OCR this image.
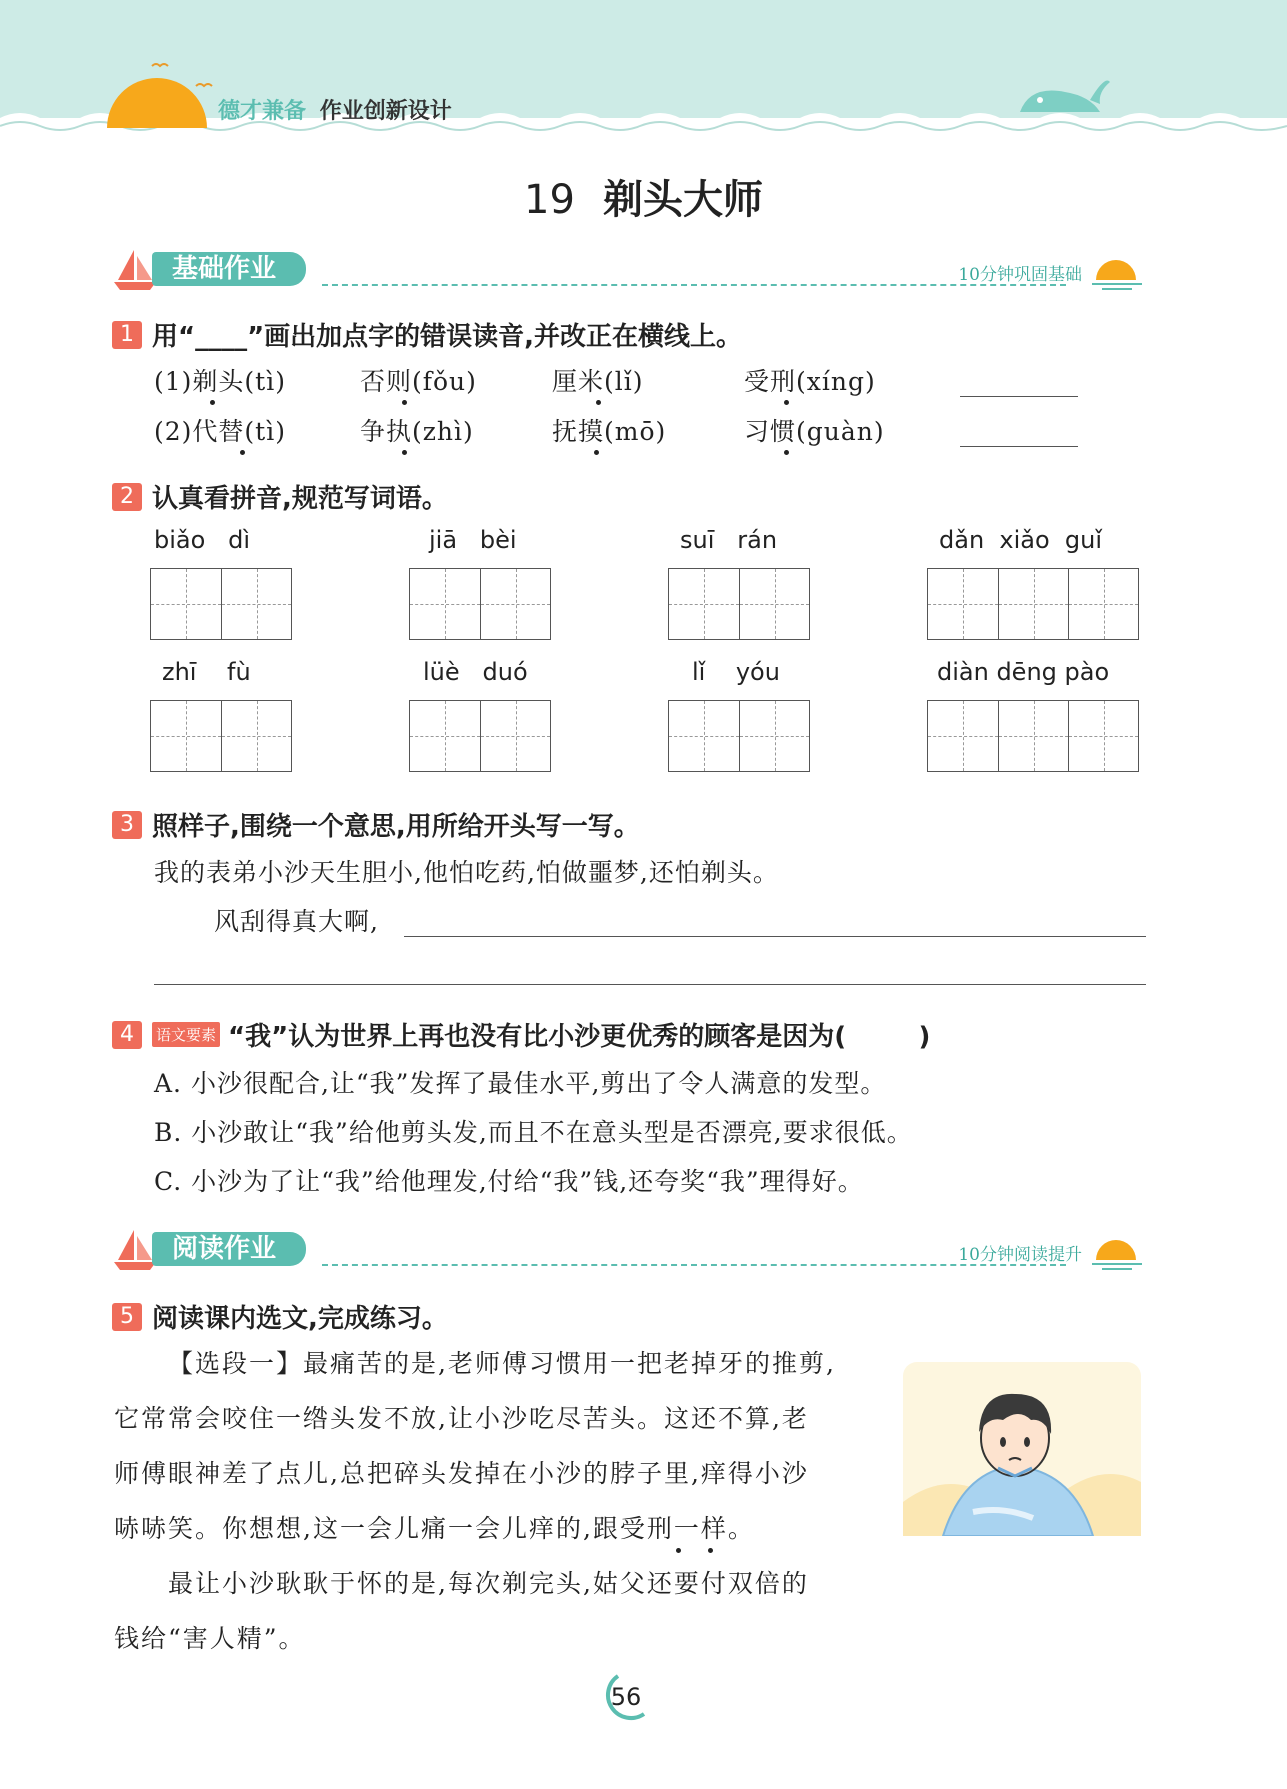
德才兼备 作业创新设计
19 剃头大师
基础作业	10分钟巩固基础
1 用“____”画出加点字的错误读音,并改正在横线上。
(1)剃头(tì)	否则(fǒu)	厘米(lǐ)	受刑(xíng)
(2)代替(tì)	争执(zhì)	抚摸(mō)	习惯(guàn)
2 认真看拼音,规范写词语。
biǎo   dì	jiā   bèi	suī   rán	dǎn  xiǎo  guǐ
zhī    fù	lüè   duó	lǐ    yóu	diàn dēng pào
3 照样子,围绕一个意思,用所给开头写一写。
我的表弟小沙天生胆小,他怕吃药,怕做噩梦,还怕剃头。
风刮得真大啊,
4 语文要素 “我”认为世界上再也没有比小沙更优秀的顾客是因为(        )
A. 小沙很配合,让“我”发挥了最佳水平,剪出了令人满意的发型。
B. 小沙敢让“我”给他剪头发,而且不在意头型是否漂亮,要求很低。
C. 小沙为了让“我”给他理发,付给“我”钱,还夸奖“我”理得好。
阅读作业	10分钟阅读提升
5 阅读课内选文,完成练习。
【选段一】最痛苦的是,老师傅习惯用一把老掉牙的推剪,
它常常会咬住一绺头发不放,让小沙吃尽苦头。这还不算,老
师傅眼神差了点儿,总把碎头发掉在小沙的脖子里,痒得小沙
哧哧笑。你想想,这一会儿痛一会儿痒的,跟受刑一样。
最让小沙耿耿于怀的是,每次剃完头,姑父还要付双倍的
钱给“害人精”。
56
